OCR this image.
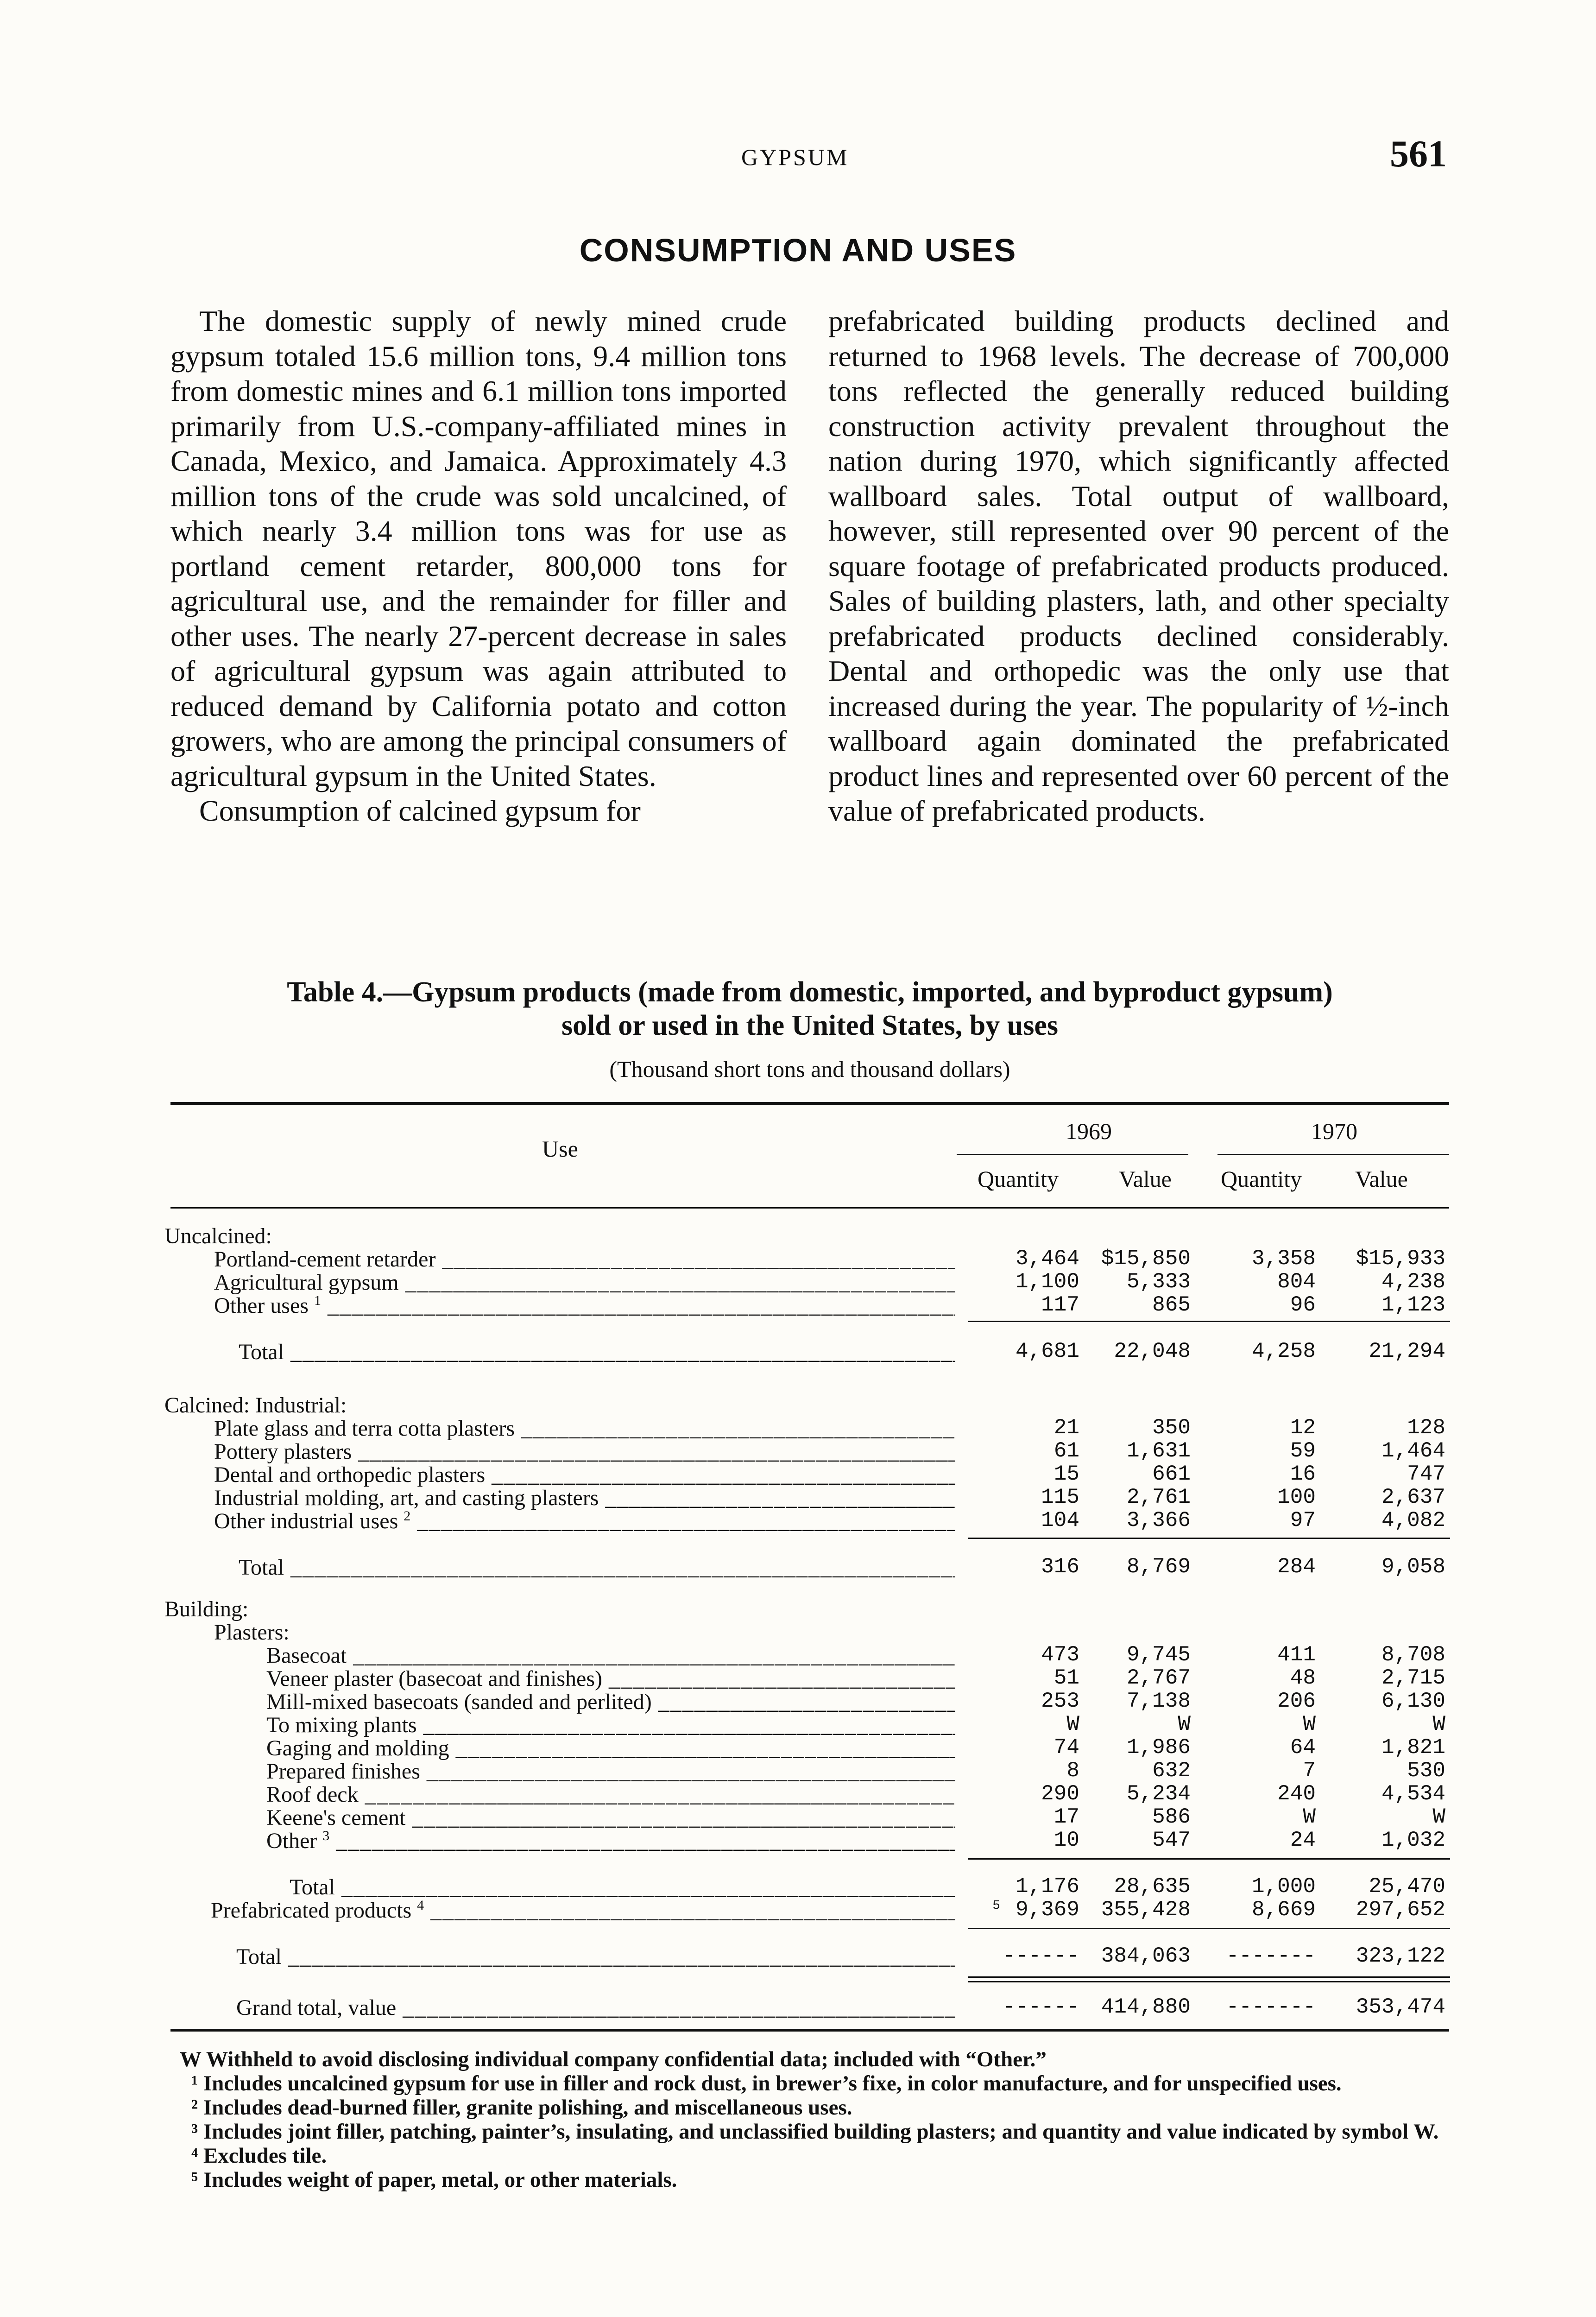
GYPSUM	561
CONSUMPTION AND USES

The domestic supply of newly mined crude gypsum totaled 15.6 million tons, 9.4 million tons from domestic mines and 6.1 million tons imported primarily from U.S.-company-affiliated mines in Canada, Mexico, and Jamaica. Approximately 4.3 million tons of the crude was sold uncalcined, of which nearly 3.4 million tons was for use as portland cement retarder, 800,000 tons for agricultural use, and the remainder for filler and other uses. The nearly 27-percent decrease in sales of agricultural gypsum was again attributed to reduced demand by California potato and cotton growers, who are among the principal consumers of agricultural gypsum in the United States.

Consumption of calcined gypsum for

prefabricated building products declined and returned to 1968 levels. The decrease of 700,000 tons reflected the generally reduced building construction activity prevalent throughout the nation during 1970, which significantly affected wallboard sales. Total output of wallboard, however, still represented over 90 percent of the square footage of prefabricated products produced. Sales of building plasters, lath, and other specialty prefabricated products declined considerably. Dental and orthopedic was the only use that increased during the year. The popularity of ½-inch wallboard again dominated the prefabricated product lines and represented over 60 percent of the value of prefabricated products.

Table 4.—Gypsum products (made from domestic, imported, and byproduct gypsum)
sold or used in the United States, by uses
(Thousand short tons and thousand dollars)
Use
1969	1970
Quantity	Value Quantity Value
Uncalcined:
Portland-cement retarder _____	3,464	$15,850	3,358	$15,933
Agricultural gypsum _____	1,100	5,333	804	4,238
Other uses $^1$ _____	117	865	96	1,123
Total _____	4,681	22,048	4,258	21,294
Calcined: Industrial:
Plate glass and terra cotta plasters _____	21	350	12	128
Pottery plasters _____	61	1,631	59	1,464
Dental and orthopedic plasters _____	15	661	16	747
Industrial molding, art, and casting plasters _____	115	2,761	100	2,637
Other industrial uses $^2$ _____	104	3,366	97	4,082
Total _____	316	8,769	284	9,058
Building:
Plasters:
Basecoat _____	473	9,745	411	8,708
Veneer plaster (basecoat and finishes) _____	51	2,767	48	2,715
Mill-mixed basecoats (sanded and perlited) _____	253	7,138	206	6,130
To mixing plants _____	W	W	W	W
Gaging and molding _____	74	1,986	64	1,821
Prepared finishes _____	8	632	7	530
Roof deck _____	290	5,234	240	4,534
Keene's cement _____	17	586	W	W
Other $^3$ _____	10	547	24	1,032
Total _____	1,176	28,635	1,000	25,470
Prefabricated products $^4$ _____	⁵ 9,369	355,428	8,669	297,652
Total _____	------	384,063	-------	323,122
Grand total, value _____	------	414,880	-------	353,474

W Withheld to avoid disclosing individual company confidential data; included with “Other.”

¹ Includes uncalcined gypsum for use in filler and rock dust, in brewer’s fixe, in color manufacture, and for unspecified uses.

² Includes dead-burned filler, granite polishing, and miscellaneous uses.

³ Includes joint filler, patching, painter’s, insulating, and unclassified building plasters; and quantity and value indicated by symbol W.

⁴ Excludes tile.

⁵ Includes weight of paper, metal, or other materials.
